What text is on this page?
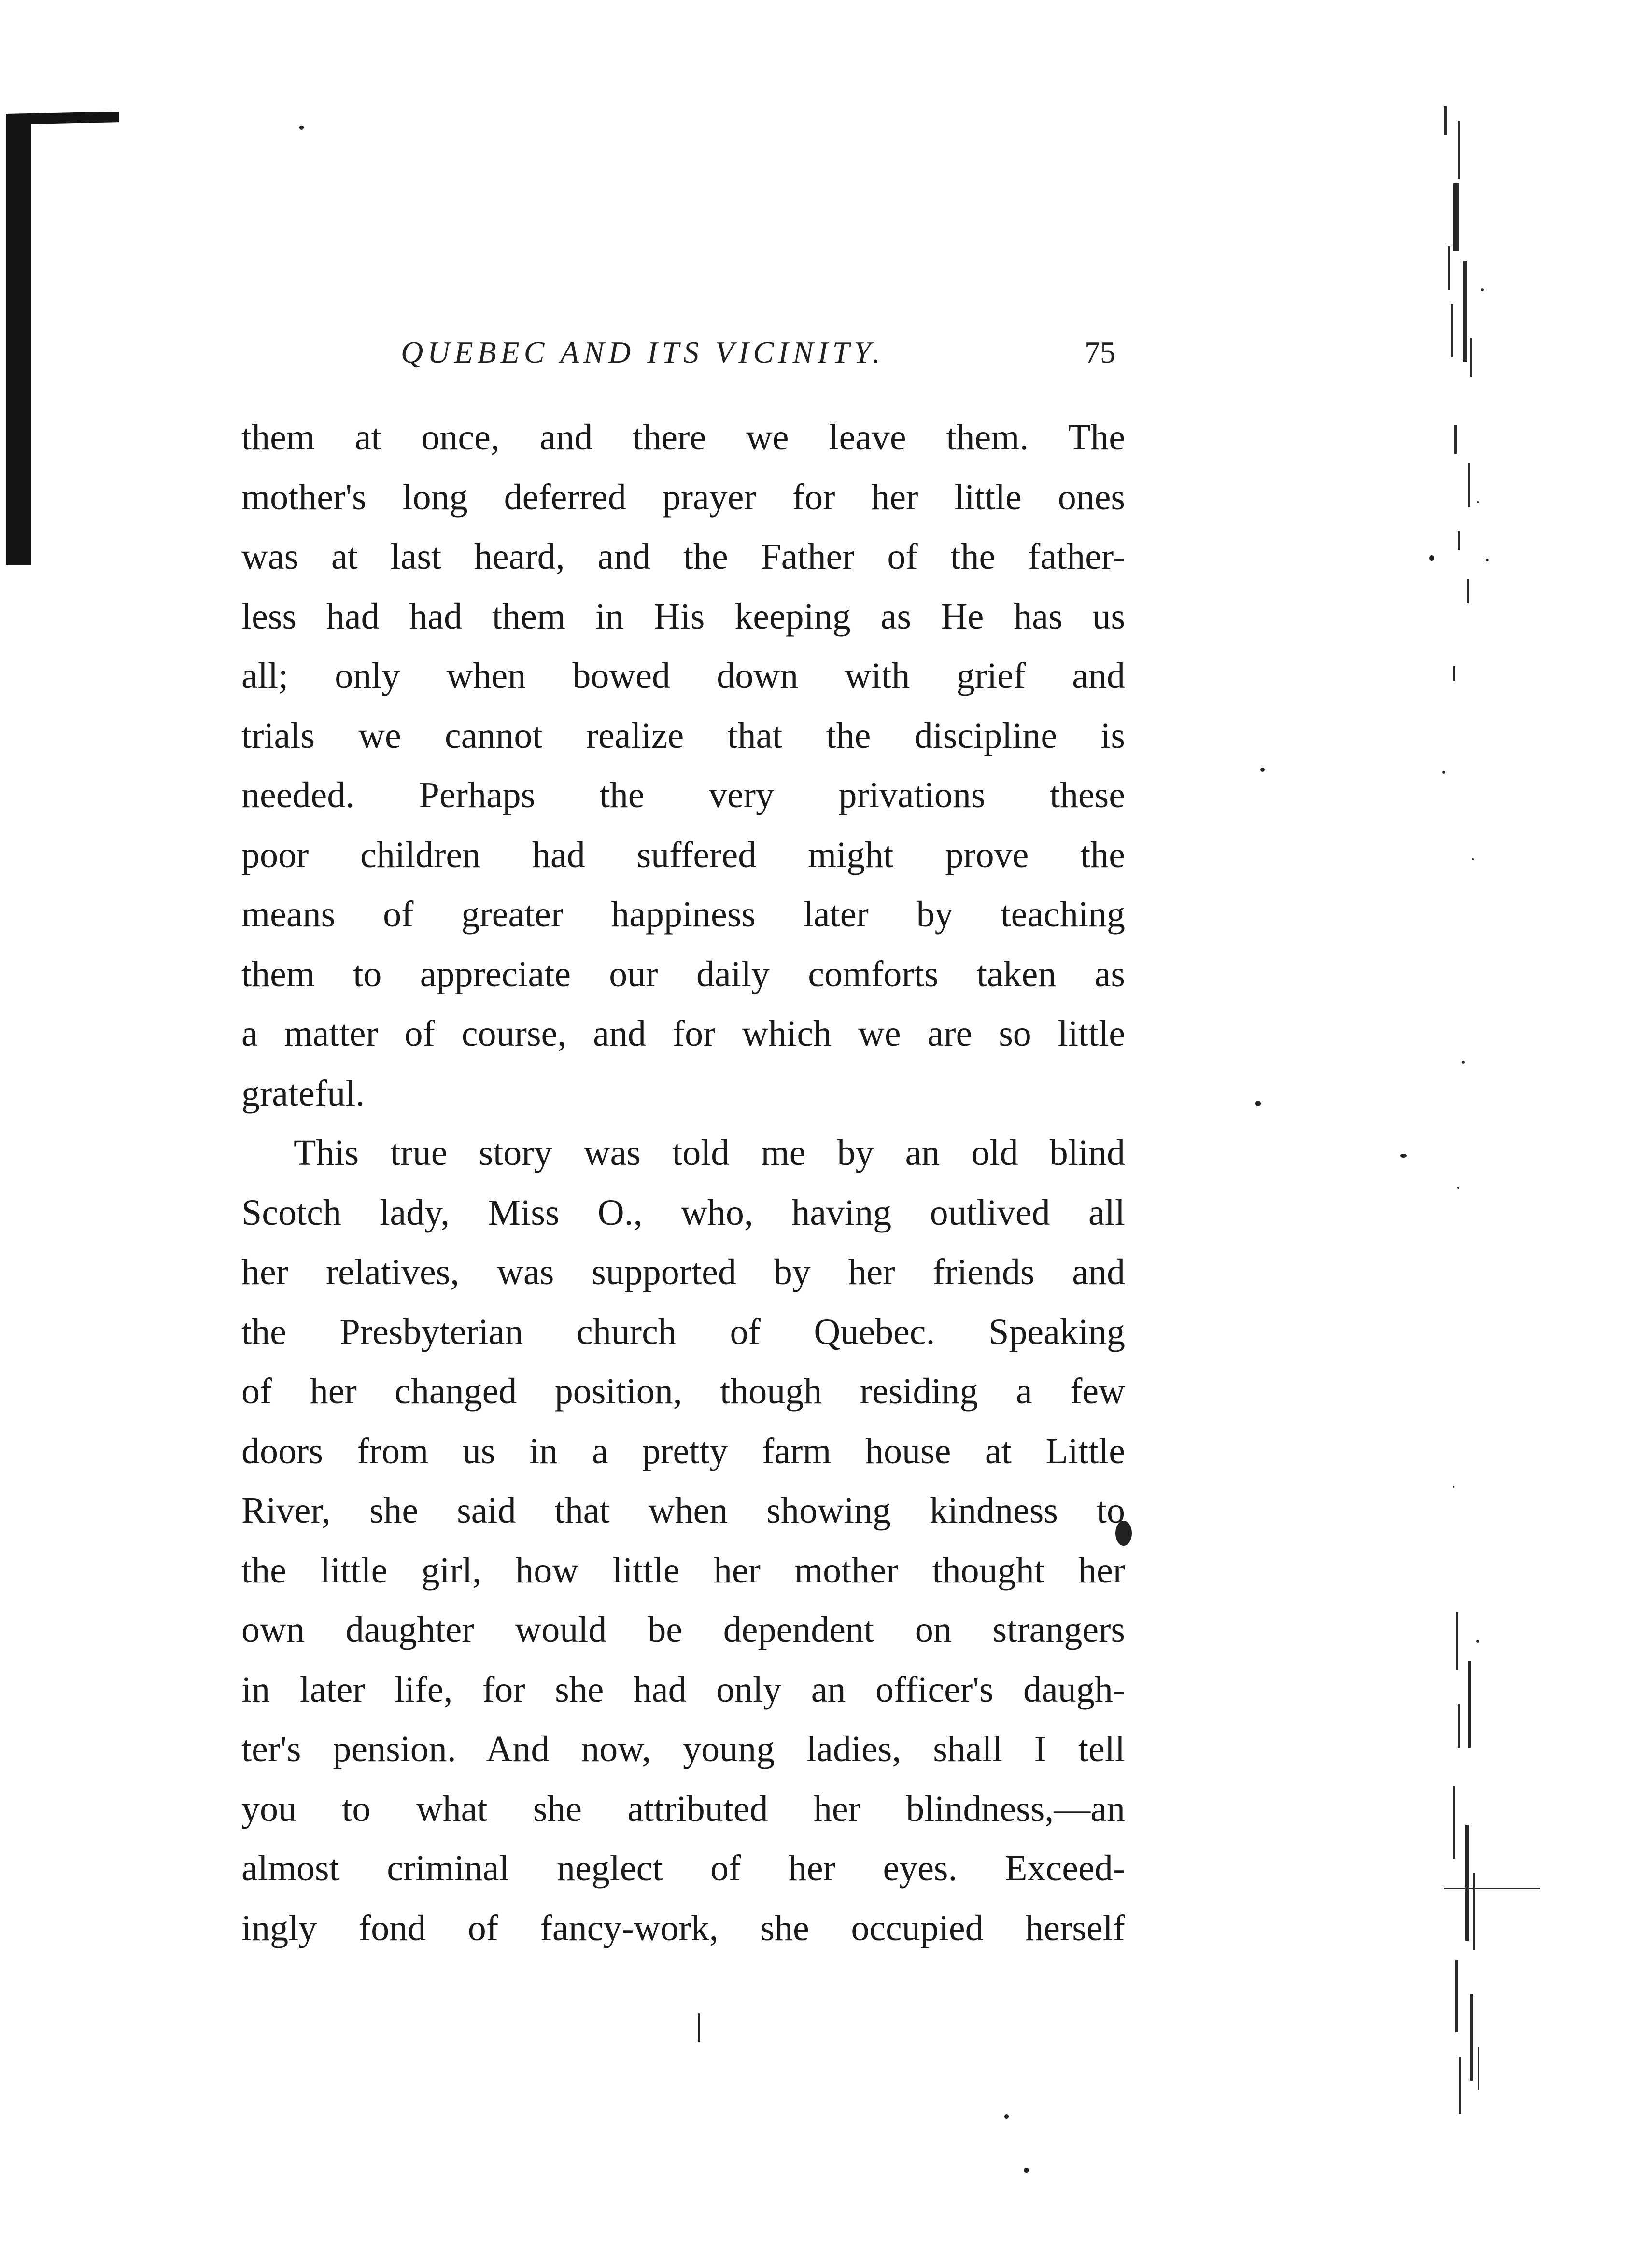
QUEBEC AND ITS VICINITY.	75
them at once, and there we leave them. The
mother's long deferred prayer for her little ones
was at last heard, and the Father of the father-
less had had them in His keeping as He has us
all; only when bowed down with grief and
trials we cannot realize that the discipline is
needed. Perhaps the very privations these
poor children had suffered might prove the
means of greater happiness later by teaching
them to appreciate our daily comforts taken as
a matter of course, and for which we are so little
grateful.
This true story was told me by an old blind
Scotch lady, Miss O., who, having outlived all
her relatives, was supported by her friends and
the Presbyterian church of Quebec. Speaking
of her changed position, though residing a few
doors from us in a pretty farm house at Little
River, she said that when showing kindness to
the little girl, how little her mother thought her
own daughter would be dependent on strangers
in later life, for she had only an officer's daugh-
ter's pension. And now, young ladies, shall I tell
you to what she attributed her blindness,—an
almost criminal neglect of her eyes. Exceed-
ingly fond of fancy-work, she occupied herself
